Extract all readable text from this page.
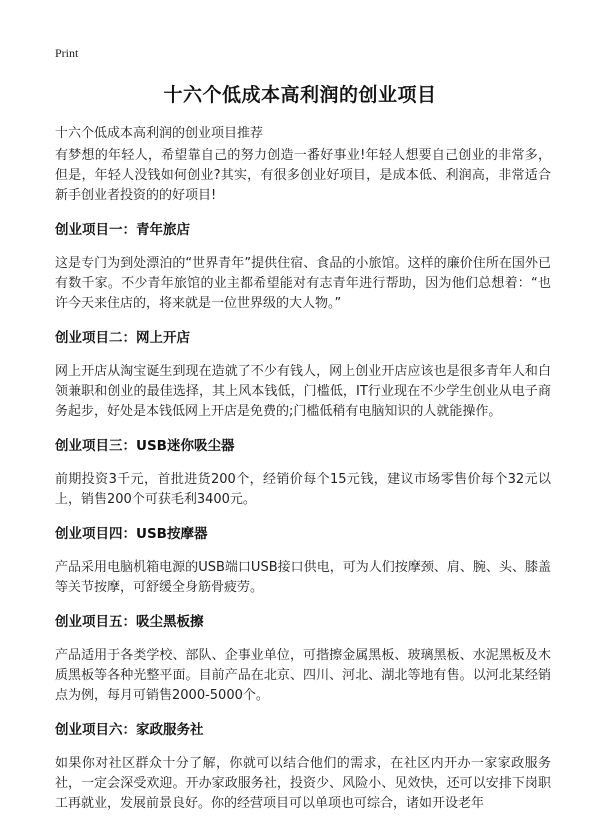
Print
十六个低成本高利润的创业项目
十六个低成本高利润的创业项目推荐

有梦想的年轻人，希望靠自己的努力创造一番好事业!年轻人想要自己创业的非常多，但是，年轻人没钱如何创业?其实，有很多创业好项目，是成本低、利润高，非常适合新手创业者投资的的好项目!

创业项目一：青年旅店

这是专门为到处漂泊的“世界青年”提供住宿、食品的小旅馆。这样的廉价住所在国外已有数千家。不少青年旅馆的业主都希望能对有志青年进行帮助，因为他们总想着：“也许今天来住店的，将来就是一位世界级的大人物。”

创业项目二：网上开店

网上开店从淘宝诞生到现在造就了不少有钱人，网上创业开店应该也是很多青年人和白领兼职和创业的最佳选择，其上风本钱低，门槛低，IT行业现在不少学生创业从电子商务起步，好处是本钱低网上开店是免费的;门槛低稍有电脑知识的人就能操作。

创业项目三：USB迷你吸尘器

前期投资3千元，首批进货200个，经销价每个15元钱，建议市场零售价每个32元以上，销售200个可获毛利3400元。

创业项目四：USB按摩器

产品采用电脑机箱电源的USB端口USB接口供电，可为人们按摩颈、肩、腕、头、膝盖等关节按摩，可舒缓全身筋骨疲劳。

创业项目五：吸尘黑板擦

产品适用于各类学校、部队、企事业单位，可揩擦金属黑板、玻璃黑板、水泥黑板及木质黑板等各种光整平面。目前产品在北京、四川、河北、湖北等地有售。以河北某经销点为例，每月可销售2000-5000个。

创业项目六：家政服务社

如果你对社区群众十分了解，你就可以结合他们的需求，在社区内开办一家家政服务社，一定会深受欢迎。开办家政服务社，投资少、风险小、见效快，还可以安排下岗职工再就业，发展前景良好。你的经营项目可以单项也可综合，诸如开设老年
